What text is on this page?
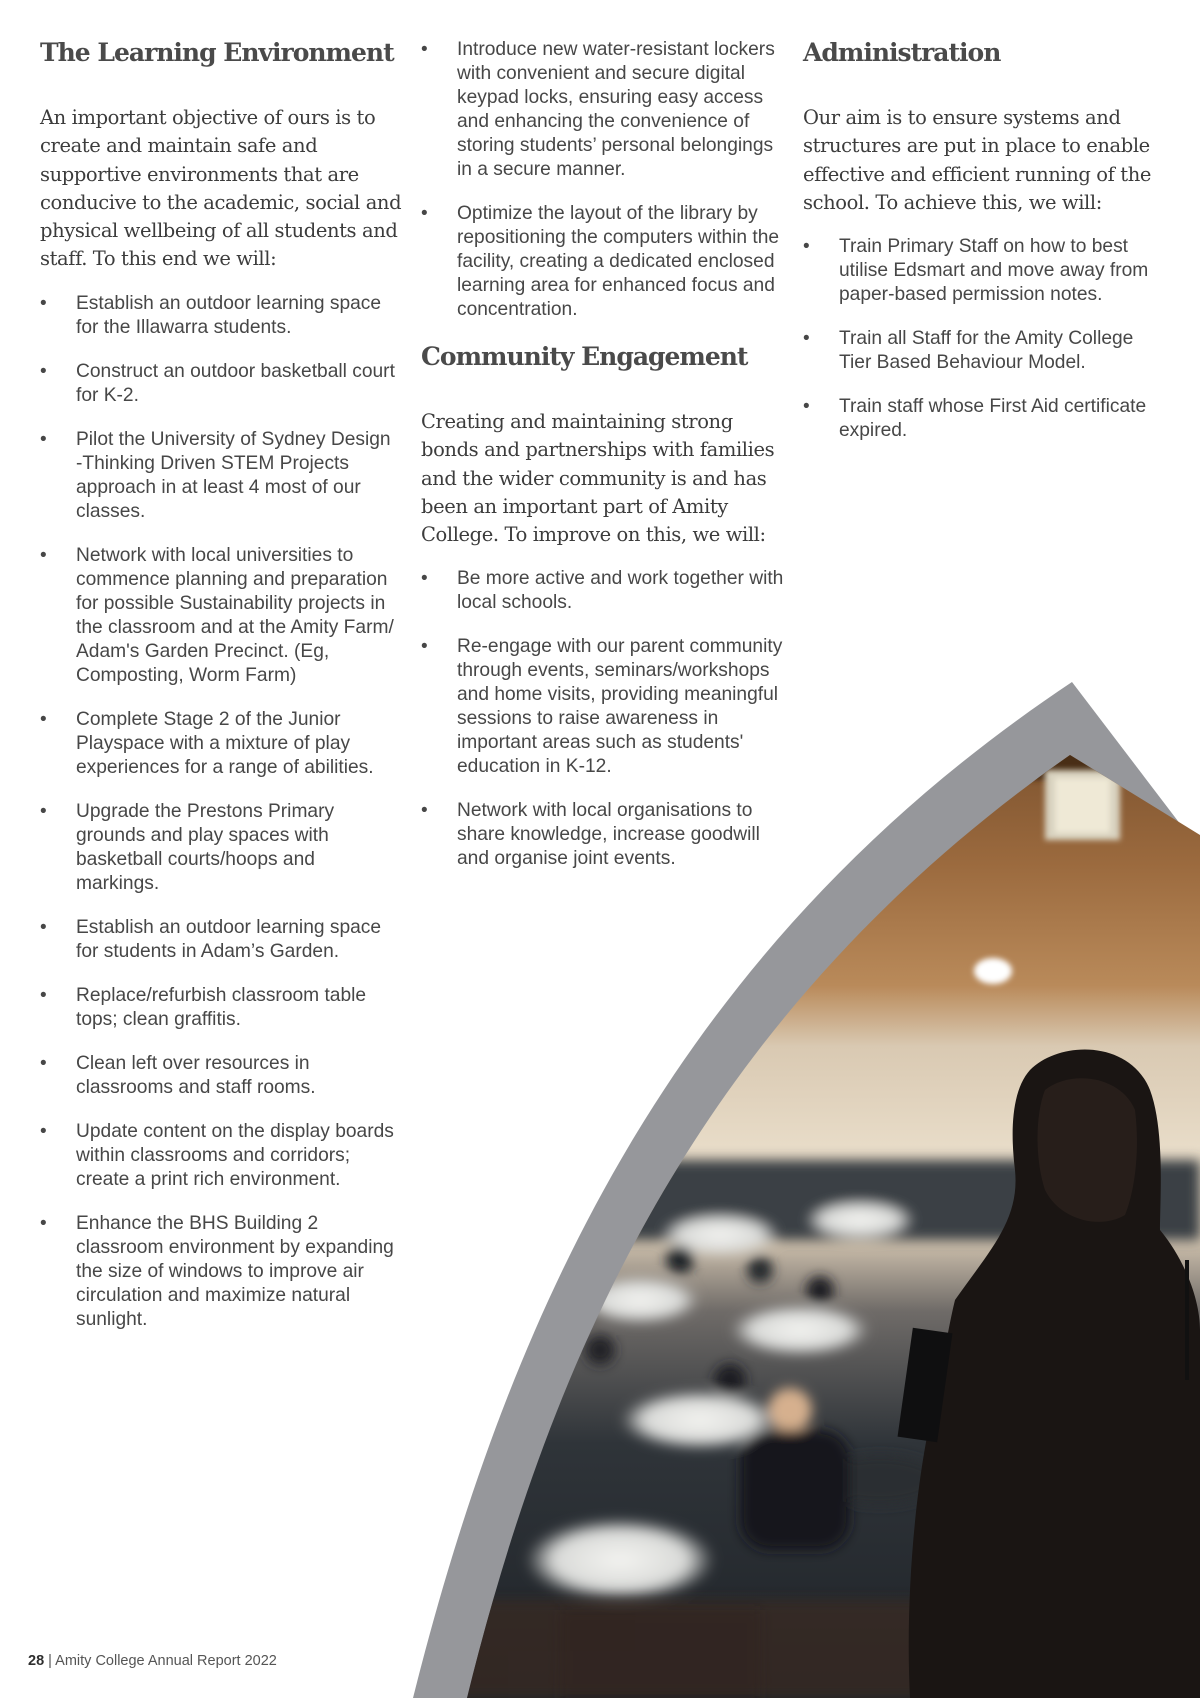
The Learning Environment

An important objective of ours is to create and maintain safe and supportive environments that are conducive to the academic, social and physical wellbeing of all students and staff. To this end we will:

• Establish an outdoor learning space for the Illawarra students.
• Construct an outdoor basketball court for K-2.
• Pilot the University of Sydney Design -Thinking Driven STEM Projects approach in at least 4 most of our classes.
• Network with local universities to commence planning and preparation for possible Sustainability projects in the classroom and at the Amity Farm/ Adam's Garden Precinct. (Eg, Composting, Worm Farm)
• Complete Stage 2 of the Junior Playspace with a mixture of play experiences for a range of abilities.
• Upgrade the Prestons Primary grounds and play spaces with basketball courts/hoops and markings.
• Establish an outdoor learning space for students in Adam’s Garden.
• Replace/refurbish classroom table tops; clean graffitis.
• Clean left over resources in classrooms and staff rooms.
• Update content on the display boards within classrooms and corridors; create a print rich environment.
• Enhance the BHS Building 2 classroom environment by expanding the size of windows to improve air circulation and maximize natural sunlight.
• Introduce new water-resistant lockers with convenient and secure digital keypad locks, ensuring easy access and enhancing the convenience of storing students’ personal belongings in a secure manner.
• Optimize the layout of the library by repositioning the computers within the facility, creating a dedicated enclosed learning area for enhanced focus and concentration.
Community Engagement

Creating and maintaining strong bonds and partnerships with families and the wider community is and has been an important part of Amity College. To improve on this, we will:

• Be more active and work together with local schools.
• Re-engage with our parent community through events, seminars/workshops and home visits, providing meaningful sessions to raise awareness in important areas such as students' education in K-12.
• Network with local organisations to share knowledge, increase goodwill and organise joint events.
Administration

Our aim is to ensure systems and structures are put in place to enable effective and efficient running of the school. To achieve this, we will:

• Train Primary Staff on how to best utilise Edsmart and move away from paper-based permission notes.
• Train all Staff for the Amity College Tier Based Behaviour Model.
• Train staff whose First Aid certificate expired.
28 | Amity College Annual Report 2022
